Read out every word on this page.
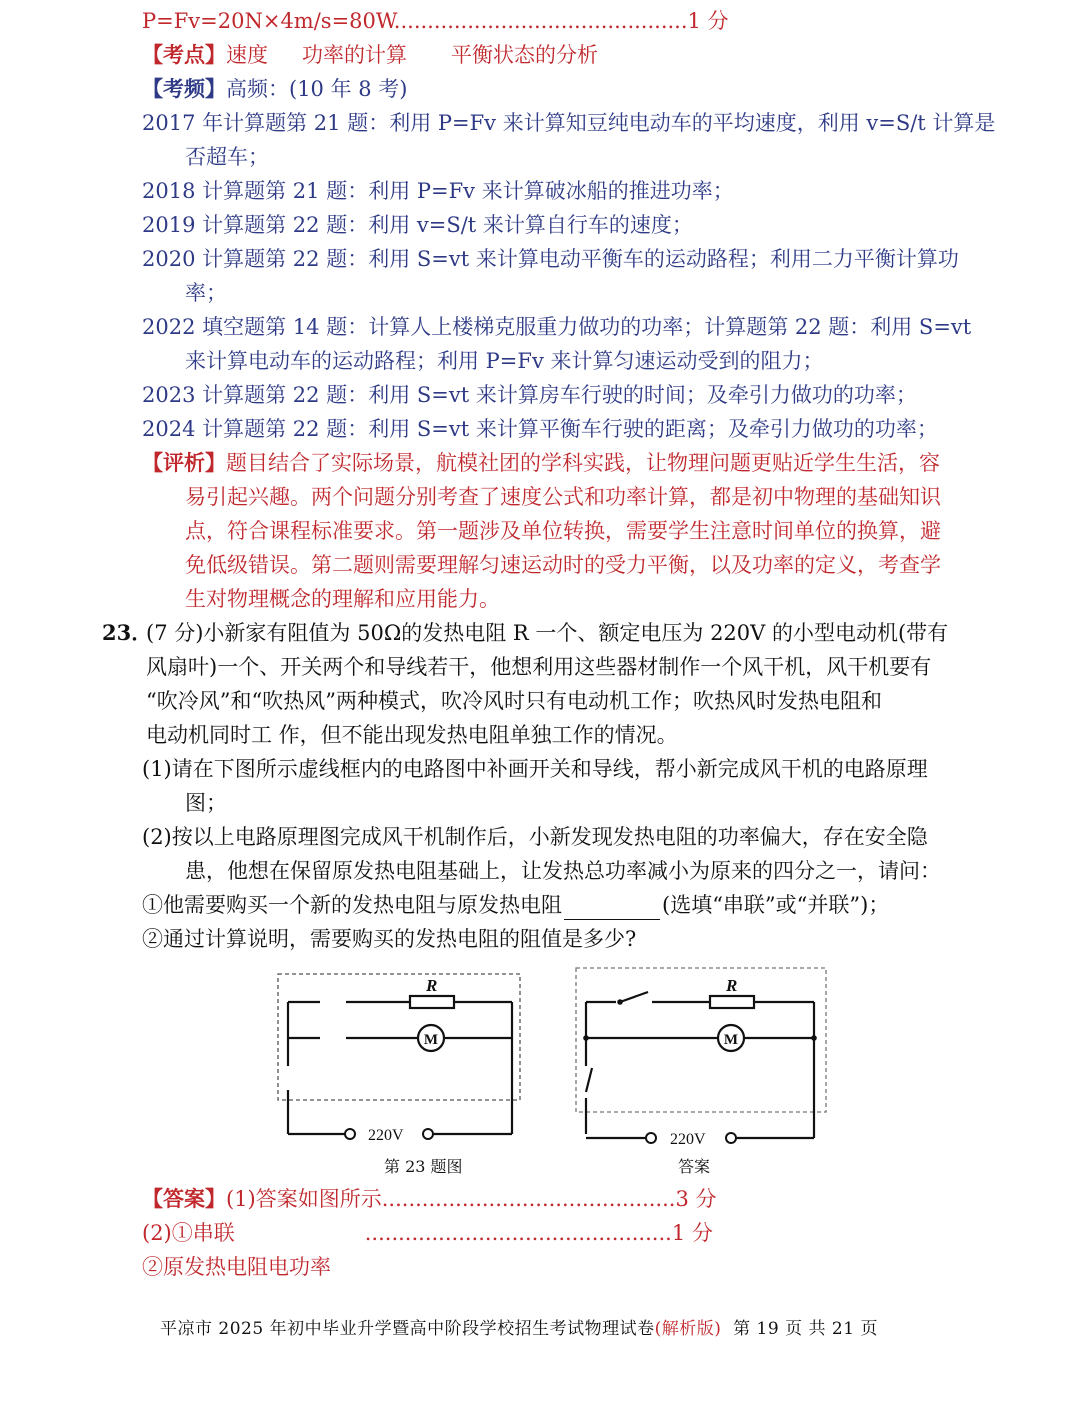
P=Fv=20N×4m/s=80W............................................1 分
【考点】速度 功率的计算 平衡状态的分析
【考频】高频：(10 年 8 考)
2017 年计算题第 21 题：利用 P=Fv 来计算知豆纯电动车的平均速度，利用 v=S/t 计算是
否超车；
2018 计算题第 21 题：利用 P=Fv 来计算破冰船的推进功率；
2019 计算题第 22 题：利用 v=S/t 来计算自行车的速度；
2020 计算题第 22 题：利用 S=vt 来计算电动平衡车的运动路程；利用二力平衡计算功
率；
2022 填空题第 14 题：计算人上楼梯克服重力做功的功率；计算题第 22 题：利用 S=vt
来计算电动车的运动路程；利用 P=Fv 来计算匀速运动受到的阻力；
2023 计算题第 22 题：利用 S=vt 来计算房车行驶的时间；及牵引力做功的功率；
2024 计算题第 22 题：利用 S=vt 来计算平衡车行驶的距离；及牵引力做功的功率；
【评析】题目结合了实际场景，航模社团的学科实践，让物理问题更贴近学生生活，容
易引起兴趣。两个问题分别考查了速度公式和功率计算，都是初中物理的基础知识
点，符合课程标准要求。第一题涉及单位转换，需要学生注意时间单位的换算，避
免低级错误。第二题则需要理解匀速运动时的受力平衡，以及功率的定义，考查学
生对物理概念的理解和应用能力。
23．
(7 分)小新家有阻值为 50Ω的发热电阻 R 一个、额定电压为 220V 的小型电动机(带有
风扇叶)一个、开关两个和导线若干，他想利用这些器材制作一个风干机，风干机要有
“吹冷风”和“吹热风”两种模式，吹冷风时只有电动机工作；吹热风时发热电阻和
电动机同时工 作，但不能出现发热电阻单独工作的情况。
(1)请在下图所示虚线框内的电路图中补画开关和导线，帮小新完成风干机的电路原理
图；
(2)按以上电路原理图完成风干机制作后，小新发现发热电阻的功率偏大，存在安全隐
患，他想在保留原发热电阻基础上，让发热总功率减小为原来的四分之一，请问：
①他需要购买一个新的发热电阻与原发热电阻	(选填“串联”或“并联”)；
②通过计算说明，需要购买的发热电阻的阻值是多少?
R
M
220V
第 23 题图
R
M
220V
答案
【答案】(1)答案如图所示............................................3 分
(2)①串联	..............................................1 分
②原发热电阻电功率
平凉市 2025 年初中毕业升学暨高中阶段学校招生考试物理试卷(解析版) 第 19 页 共 21 页
